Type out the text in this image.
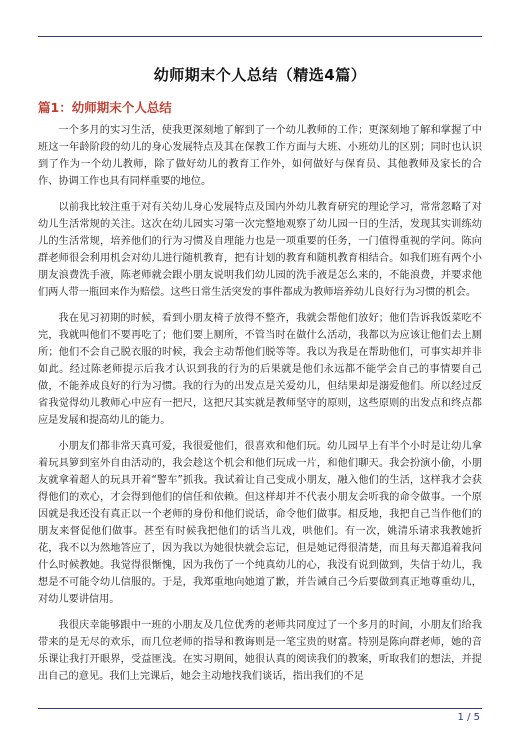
幼师期末个人总结（精选4篇）
篇1：幼师期末个人总结

一个多月的实习生活，使我更深刻地了解到了一个幼儿教师的工作；更深刻地了解和掌握了中班这一年龄阶段的幼儿的身心发展特点及其在保教工作方面与大班、小班幼儿的区别；同时也认识到了作为一个幼儿教师，除了做好幼儿的教育工作外，如何做好与保育员、其他教师及家长的合作、协调工作也具有同样重要的地位。

以前我比较注重于对有关幼儿身心发展特点及国内外幼儿教育研究的理论学习，常常忽略了对幼儿生活常规的关注。这次在幼儿园实习第一次完整地观察了幼儿园一日的生活，发现其实训练幼儿的生活常规，培养他们的行为习惯及自理能力也是一项重要的任务，一门值得重视的学问。陈向群老师很会利用机会对幼儿进行随机教育，把有计划的教育和随机教育相结合。如我们班有两个小朋友浪费洗手液，陈老师就会跟小朋友说明我们幼儿园的洗手液是怎么来的，不能浪费，并要求他们两人带一瓶回来作为赔偿。这些日常生活突发的事件都成为教师培养幼儿良好行为习惯的机会。

我在见习初期的时候，看到小朋友椅子放得不整齐，我就会帮他们放好；他们告诉我饭菜吃不完，我就叫他们不要再吃了；他们要上厕所，不管当时在做什么活动，我都以为应该让他们去上厕所；他们不会自己脱衣服的时候，我会主动帮他们脱等等。我以为我是在帮助他们，可事实却并非如此。经过陈老师提示后我才认识到我的行为的后果就是他们永远都不能学会自己的事情要自己做，不能养成良好的行为习惯。我的行为的出发点是关爱幼儿，但结果却是溺爱他们。所以经过反省我觉得幼儿教师心中应有一把尺，这把尺其实就是教师坚守的原则，这些原则的出发点和终点都应是发展和提高幼儿的能力。

小朋友们都非常天真可爱，我很爱他们，很喜欢和他们玩。幼儿园早上有半个小时是让幼儿拿着玩具箩到室外自由活动的，我会趁这个机会和他们玩成一片，和他们聊天。我会扮演小偷，小朋友就拿着超人的玩具开着“警车”抓我。我试着让自己变成小朋友，融入他们的生活，这样我才会获得他们的欢心，才会得到他们的信任和依赖。但这样却并不代表小朋友会听我的命令做事。一个原因就是我还没有真正以一个老师的身份和他们说话，命令他们做事。相反地，我把自己当作他们的朋友来督促他们做事。甚至有时候我把他们的话当儿戏，哄他们。有一次，姚清乐请求我教她折花，我不以为然地答应了，因为我以为她很快就会忘记，但是她记得很清楚，而且每天都追着我问什么时候教她。我觉得很惭愧，因为我伤了一个纯真幼儿的心，我没有说到做到，失信于幼儿，我想是不可能令幼儿信服的。于是，我郑重地向她道了歉，并告诫自己今后要做到真正地尊重幼儿，对幼儿要讲信用。

我很庆幸能够跟中一班的小朋友及几位优秀的老师共同度过了一个多月的时间，小朋友们给我带来的是无尽的欢乐，而几位老师的指导和教诲则是一笔宝贵的财富。特别是陈向群老师，她的音乐课让我打开眼界，受益匪浅。在实习期间，她很认真的阅读我们的教案，听取我们的想法，并提出自己的意见。我们上完课后，她会主动地找我们谈话，指出我们的不足

1 / 5
